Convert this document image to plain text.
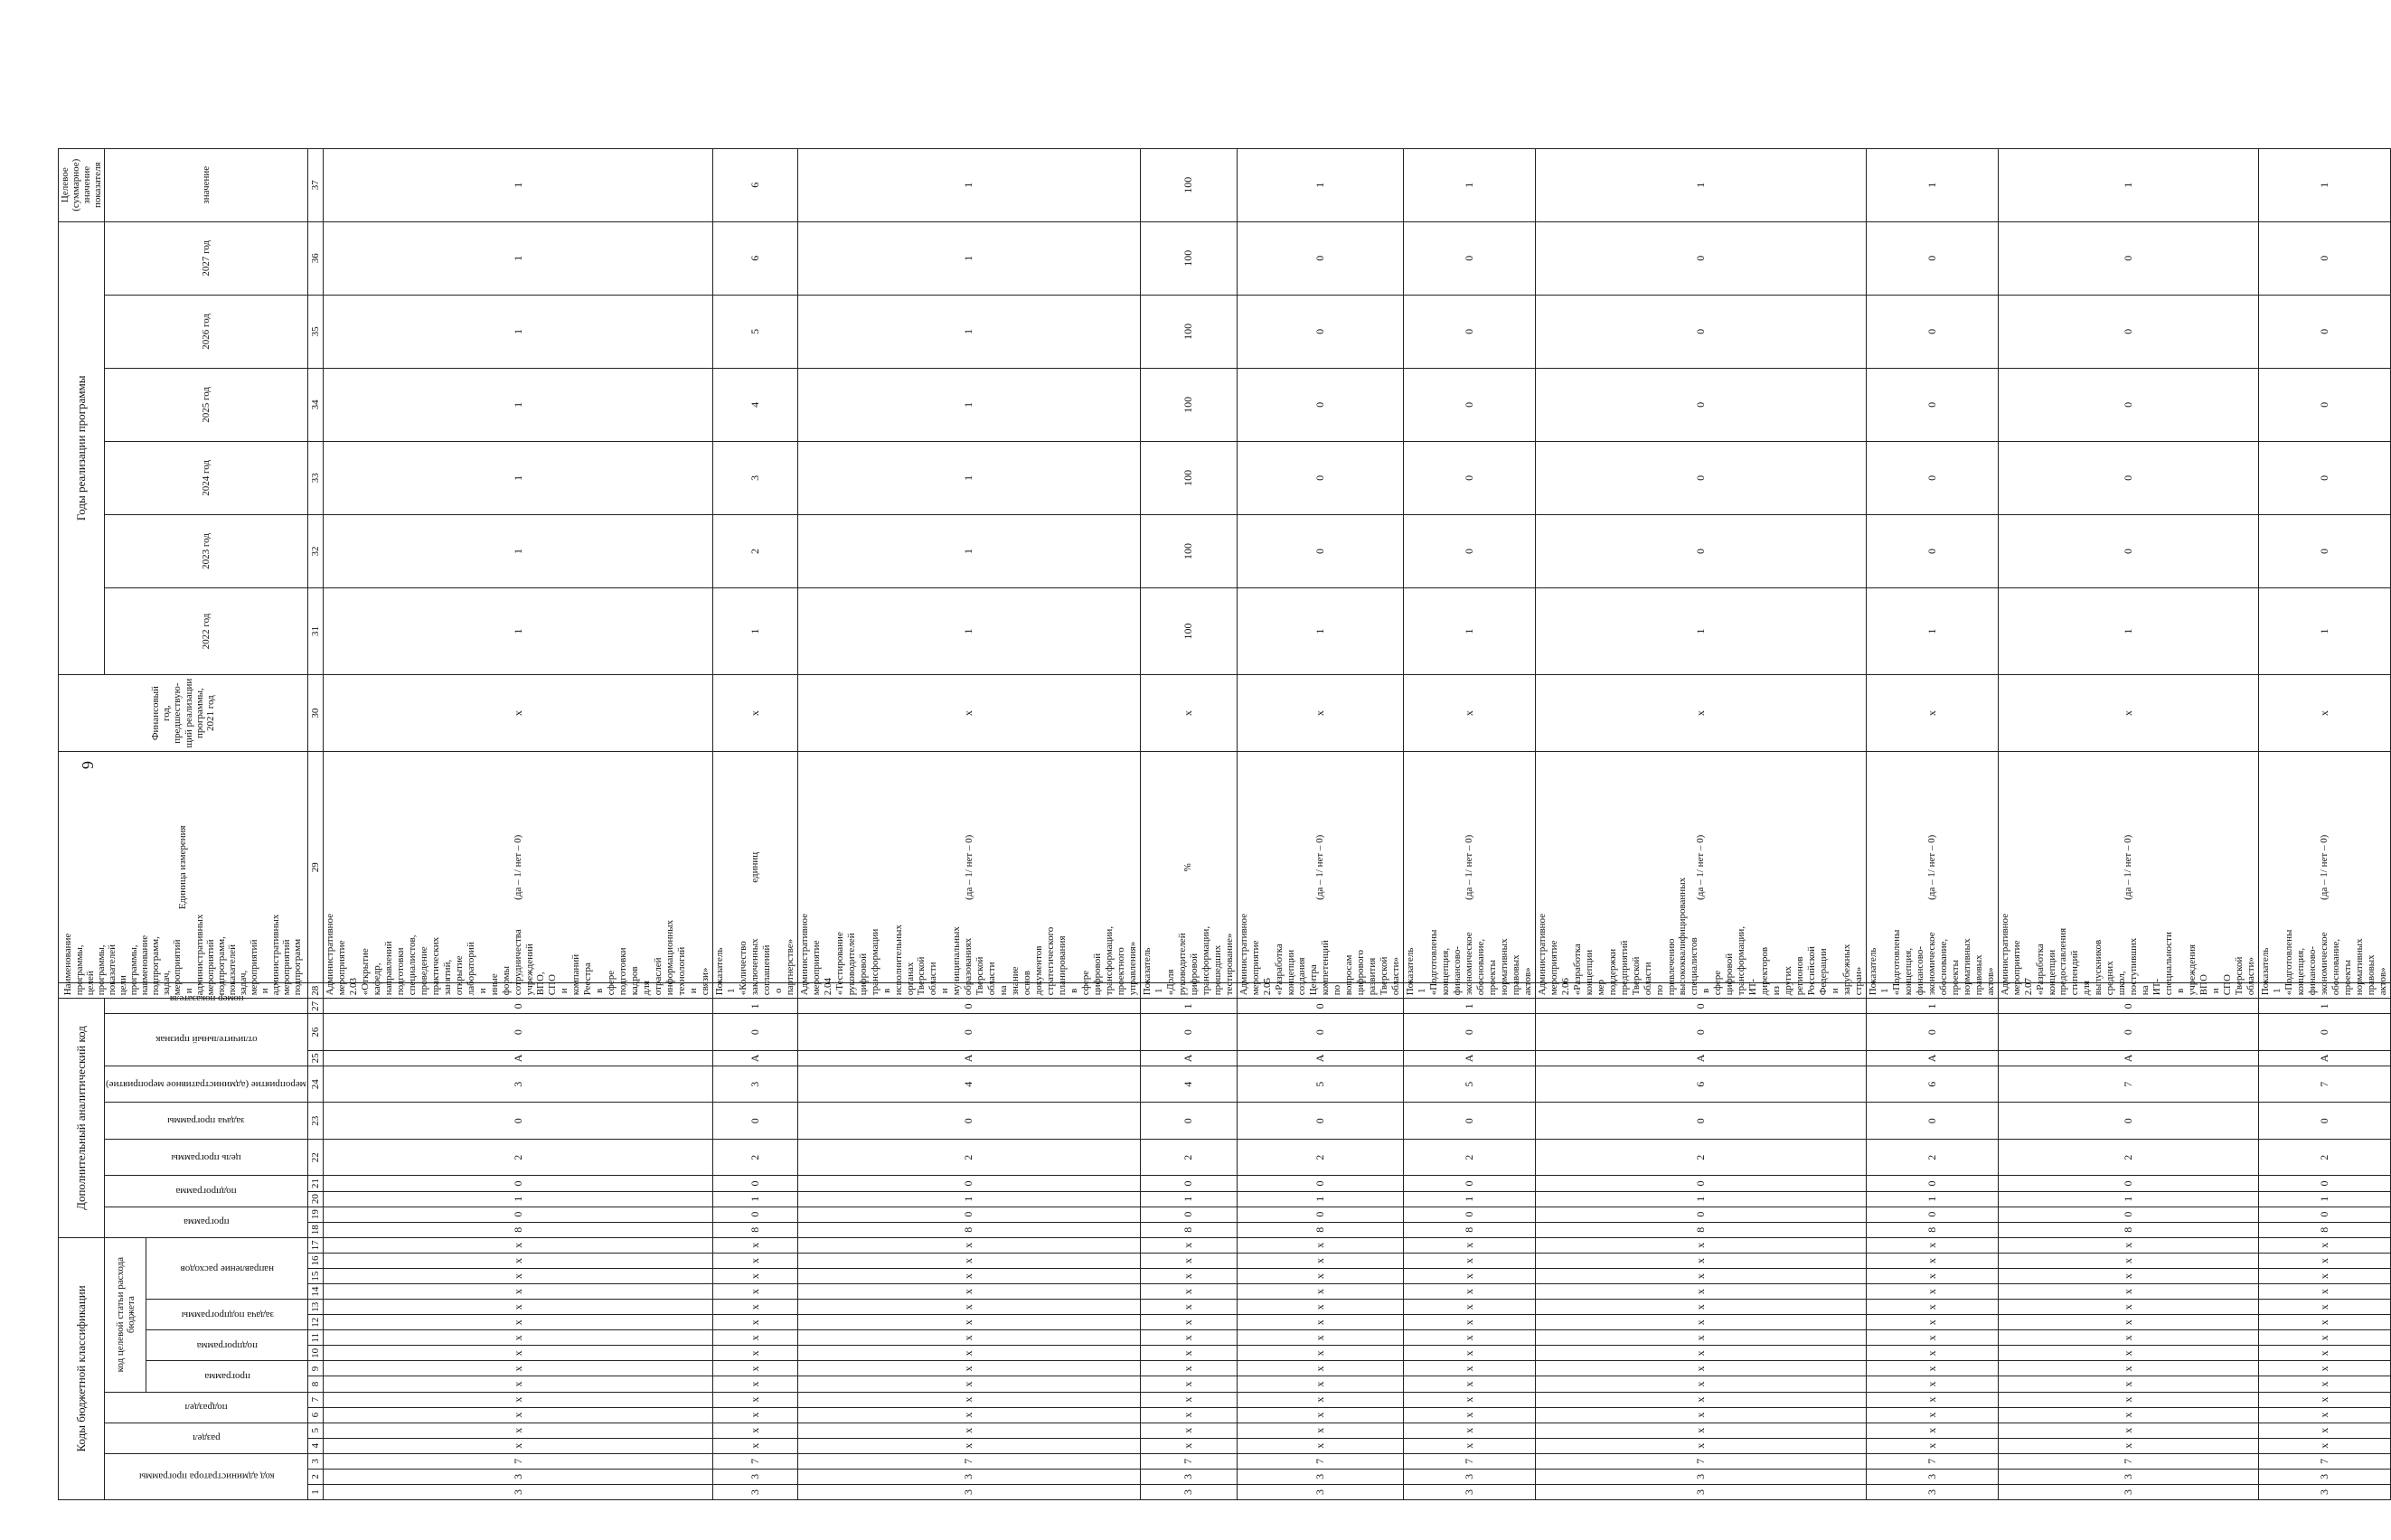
6
Коды бюджетной классификации																	Дополнительный аналитический код										Наименование программы, целей программы, показателей цели программы, наименование подпрограмм, задач, мероприятий и административных мероприятий подпрограмм, показателей задач, мероприятий и административных мероприятий подпрограмм	Единица измерения	Финансовый год, предшествую-щий реализации программы, 2021 год	Годы реализации программы						Целевое (суммарное) значение показателя
код администратора программы			раздел		подраздел		код целевой статьи расхода бюджета										программа		подпрограмма		цель программы	задача программы	мероприятие (административное мероприятие)	отличительный признак		номер показателя				2022 год	2023 год	2024 год	2025 год	2026 год	2027 год	значение
							программа		подпрограмма		задача подпрограммы		направление расходов																							
1	2	3	4	5	6	7	8	9	10	11	12	13	14	15	16	17	18	19	20	21	22	23	24	25	26	27	28	29	30	31	32	33	34	35	36	37
3	3	7	х	х	х	х	х	х	х	х	х	х	х	х	х	х	8	0	1	0	2	0	3	А	0	0	Административное мероприятие 2.03 «Открытие кафедр, направлений подготовки специалистов, проведение практических занятий, открытие лабораторий и иные формы сотрудничества учреждений ВПО, СПО и компаний Реестра в сфере подготовки кадров для отраслей информационных технологий и связи»	(да – 1/ нет – 0)	х	1	1	1	1	1	1	1
3	3	7	х	х	х	х	х	х	х	х	х	х	х	х	х	х	8	0	1	0	2	0	3	А	0	1	Показатель 1 «Количество заключенных соглашений о партнерстве»	единиц	х	1	2	3	4	5	6	6
3	3	7	х	х	х	х	х	х	х	х	х	х	х	х	х	х	8	0	1	0	2	0	4	А	0	0	Административное мероприятие 2.04 «Тестирование руководителей цифровой трансформации в исполнительных органах Тверской области и муниципальных образованиях Тверской области на знание основ документов стратегического планирования в сфере цифровой трансформации, проектного управления»	(да – 1/ нет – 0)	х	1	1	1	1	1	1	1
3	3	7	х	х	х	х	х	х	х	х	х	х	х	х	х	х	8	0	1	0	2	0	4	А	0	1	Показатель 1 «Доля руководителей цифровой трансформации, прошедших тестирование»	%	х	100	100	100	100	100	100	100
3	3	7	х	х	х	х	х	х	х	х	х	х	х	х	х	х	8	0	1	0	2	0	5	А	0	0	Административное мероприятие 2.05 «Разработка концепции создания Центра компетенций по вопросам цифрового развития Тверской области»	(да – 1/ нет – 0)	х	1	0	0	0	0	0	1
3	3	7	х	х	х	х	х	х	х	х	х	х	х	х	х	х	8	0	1	0	2	0	5	А	0	1	Показатель 1 «Подготовлены концепция, финансово-экономическое обоснование, проекты нормативных правовых актов»	(да – 1/ нет – 0)	х	1	0	0	0	0	0	1
3	3	7	х	х	х	х	х	х	х	х	х	х	х	х	х	х	8	0	1	0	2	0	6	А	0	0	Административное мероприятие 2.06 «Разработка концепции мер поддержки предприятий Тверской области по привлечению высококвалифицированных специалистов в сфере цифровой трансформации, ИТ-директоров из других регионов Российской Федерации и зарубежных стран»	(да – 1/ нет – 0)	х	1	0	0	0	0	0	1
3	3	7	х	х	х	х	х	х	х	х	х	х	х	х	х	х	8	0	1	0	2	0	6	А	0	1	Показатель 1 «Подготовлены концепция, финансово-экономическое обоснование, проекты нормативных правовых актов»	(да – 1/ нет – 0)	х	1	0	0	0	0	0	1
3	3	7	х	х	х	х	х	х	х	х	х	х	х	х	х	х	8	0	1	0	2	0	7	А	0	0	Административное мероприятие 2.07 «Разработка концепции предоставления стипендий для выпускников средних школ, поступивших на ИТ-специальности в учреждения ВПО и СПО Тверской области»	(да – 1/ нет – 0)	х	1	0	0	0	0	0	1
3	3	7	х	х	х	х	х	х	х	х	х	х	х	х	х	х	8	0	1	0	2	0	7	А	0	1	Показатель 1 «Подготовлены концепция, финансово-экономическое обоснование, проекты нормативных правовых актов»	(да – 1/ нет – 0)	х	1	0	0	0	0	0	1
